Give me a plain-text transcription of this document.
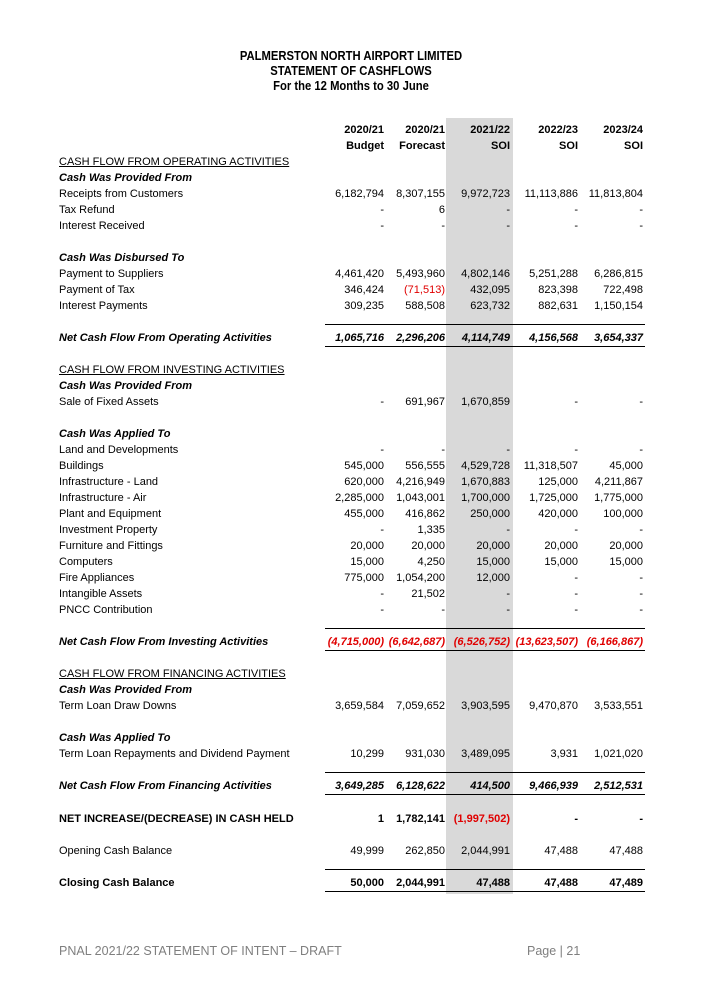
PALMERSTON NORTH AIRPORT LIMITED
STATEMENT OF CASHFLOWS
For the 12 Months to 30 June
2020/21	2020/21	2021/22	2022/23	2023/24
Budget	Forecast	SOI	SOI	SOI
CASH FLOW FROM OPERATING ACTIVITIES
Cash Was Provided From
Receipts from Customers	6,182,794	8,307,155	9,972,723	11,113,886 11,813,804
Tax Refund	-	6	-	-	-
Interest Received	-	-	-	-	-
Cash Was Disbursed To
Payment to Suppliers	4,461,420	5,493,960	4,802,146	5,251,288	6,286,815
Payment of Tax	346,424	(71,513)	432,095	823,398	722,498
Interest Payments	309,235	588,508	623,732	882,631	1,150,154
Net Cash Flow From Operating Activities	1,065,716	2,296,206	4,114,749	4,156,568	3,654,337
CASH FLOW FROM INVESTING ACTIVITIES
Cash Was Provided From
Sale of Fixed Assets	-	691,967	1,670,859	-	-
Cash Was Applied To
Land and Developments	-	-	-	-	-
Buildings	545,000	556,555	4,529,728	11,318,507	45,000
Infrastructure - Land	620,000	4,216,949	1,670,883	125,000	4,211,867
Infrastructure - Air	2,285,000	1,043,001	1,700,000	1,725,000	1,775,000
Plant and Equipment	455,000	416,862	250,000	420,000	100,000
Investment Property	-	1,335	-	-	-
Furniture and Fittings	20,000	20,000	20,000	20,000	20,000
Computers	15,000	4,250	15,000	15,000	15,000
Fire Appliances	775,000	1,054,200	12,000	-	-
Intangible Assets	-	21,502	-	-	-
PNCC Contribution	-	-	-	-	-
Net Cash Flow From Investing Activities	(4,715,000) (6,642,687) (6,526,752) (13,623,507) (6,166,867)
CASH FLOW FROM FINANCING ACTIVITIES
Cash Was Provided From
Term Loan Draw Downs	3,659,584	7,059,652	3,903,595	9,470,870	3,533,551
Cash Was Applied To
Term Loan Repayments and Dividend Payment	10,299	931,030	3,489,095	3,931	1,021,020
Net Cash Flow From Financing Activities	3,649,285	6,128,622	414,500	9,466,939	2,512,531
NET INCREASE/(DECREASE) IN CASH HELD	1	1,782,141 (1,997,502)	-	-
Opening Cash Balance	49,999	262,850	2,044,991	47,488	47,488
Closing Cash Balance	50,000	2,044,991	47,488	47,488	47,489
PNAL 2021/22 STATEMENT OF INTENT – DRAFT	Page | 21
